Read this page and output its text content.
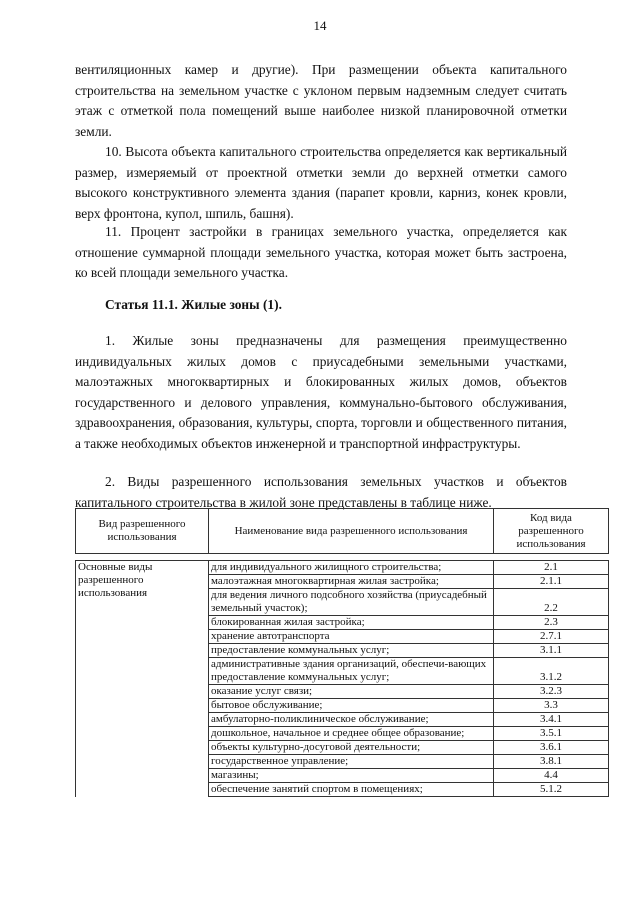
14

вентиляционных камер и другие). При размещении объекта капитального строительства на земельном участке с уклоном первым надземным следует считать этаж с отметкой пола помещений выше наиболее низкой планировочной отметки земли.

10. Высота объекта капитального строительства определяется как вертикальный размер, измеряемый от проектной отметки земли до верхней отметки самого высокого конструктивного элемента здания (парапет кровли, карниз, конек кровли, верх фронтона, купол, шпиль, башня).

11. Процент застройки в границах земельного участка, определяется как отношение суммарной площади земельного участка, которая может быть застроена, ко всей площади земельного участка.

Статья 11.1. Жилые зоны (1).

1. Жилые зоны предназначены для размещения преимущественно индивидуальных жилых домов с приусадебными земельными участками, малоэтажных многоквартирных и блокированных жилых домов, объектов государственного и делового управления, коммунально-бытового обслуживания, здравоохранения, образования, культуры, спорта, торговли и общественного питания, а также необходимых объектов инженерной и транспортной инфраструктуры.

2. Виды разрешенного использования земельных участков и объектов капитального строительства в жилой зоне представлены в таблице ниже.

Вид разрешенного использования	Наименование вида разрешенного использования	Код вида разрешенного использования

Основные виды разрешенного использования	для индивидуального жилищного строительства;	2.1
	малоэтажная многоквартирная жилая застройка;	2.1.1
	для ведения личного подсобного хозяйства (приусадебный земельный участок);	2.2
	блокированная жилая застройка;	2.3
	хранение автотранспорта	2.7.1
	предоставление коммунальных услуг;	3.1.1
	административные здания организаций, обеспечи-вающих предоставление коммунальных услуг;	3.1.2
	оказание услуг связи;	3.2.3
	бытовое обслуживание;	3.3
	амбулаторно-поликлиническое обслуживание;	3.4.1
	дошкольное, начальное и среднее общее образование;	3.5.1
	объекты культурно-досуговой деятельности;	3.6.1
	государственное управление;	3.8.1
	магазины;	4.4
	обеспечение занятий спортом в помещениях;	5.1.2
